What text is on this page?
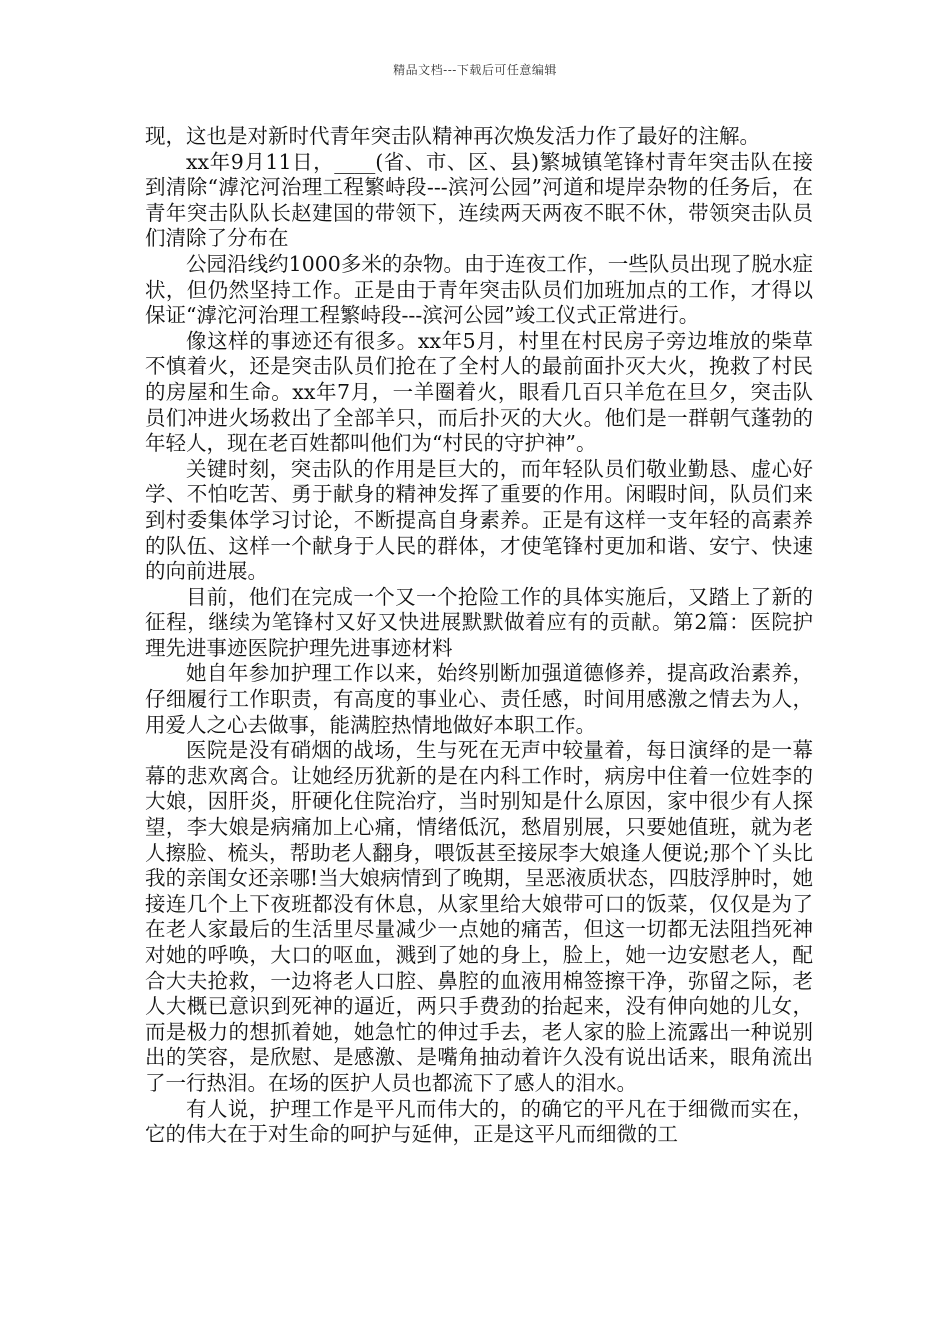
精品文档---下载后可任意编辑

现，这也是对新时代青年突击队精神再次焕发活力作了最好的注解。

xx年9月11日，____(省、市、区、县)繁城镇笔锋村青年突击队在接到清除“滹沱河治理工程繁峙段---滨河公园”河道和堤岸杂物的任务后，在青年突击队队长赵建国的带领下，连续两天两夜不眠不休，带领突击队员们清除了分布在

公园沿线约1000多米的杂物。由于连夜工作，一些队员出现了脱水症状，但仍然坚持工作。正是由于青年突击队员们加班加点的工作，才得以保证“滹沱河治理工程繁峙段---滨河公园”竣工仪式正常进行。

像这样的事迹还有很多。xx年5月，村里在村民房子旁边堆放的柴草不慎着火，还是突击队员们抢在了全村人的最前面扑灭大火，挽救了村民的房屋和生命。xx年7月，一羊圈着火，眼看几百只羊危在旦夕，突击队员们冲进火场救出了全部羊只，而后扑灭的大火。他们是一群朝气蓬勃的年轻人，现在老百姓都叫他们为“村民的守护神”。

关键时刻，突击队的作用是巨大的，而年轻队员们敬业勤恳、虚心好学、不怕吃苦、勇于献身的精神发挥了重要的作用。闲暇时间，队员们来到村委集体学习讨论，不断提高自身素养。正是有这样一支年轻的高素养的队伍、这样一个献身于人民的群体，才使笔锋村更加和谐、安宁、快速的向前进展。

目前，他们在完成一个又一个抢险工作的具体实施后，又踏上了新的征程，继续为笔锋村又好又快进展默默做着应有的贡献。第2篇：医院护理先进事迹医院护理先进事迹材料

她自年参加护理工作以来，始终别断加强道德修养，提高政治素养，仔细履行工作职责，有高度的事业心、责任感，时间用感激之情去为人，用爱人之心去做事，能满腔热情地做好本职工作。

医院是没有硝烟的战场，生与死在无声中较量着，每日演绎的是一幕幕的悲欢离合。让她经历犹新的是在内科工作时，病房中住着一位姓李的大娘，因肝炎，肝硬化住院治疗，当时别知是什么原因，家中很少有人探望，李大娘是病痛加上心痛，情绪低沉，愁眉别展，只要她值班，就为老人擦脸、梳头，帮助老人翻身，喂饭甚至接尿李大娘逢人便说;那个丫头比我的亲闺女还亲哪!当大娘病情到了晚期，呈恶液质状态，四肢浮肿时，她接连几个上下夜班都没有休息，从家里给大娘带可口的饭菜，仅仅是为了在老人家最后的生活里尽量减少一点她的痛苦，但这一切都无法阻挡死神对她的呼唤，大口的呕血，溅到了她的身上，脸上，她一边安慰老人，配合大夫抢救，一边将老人口腔、鼻腔的血液用棉签擦干净，弥留之际，老人大概已意识到死神的逼近，两只手费劲的抬起来，没有伸向她的儿女，而是极力的想抓着她，她急忙的伸过手去，老人家的脸上流露出一种说别出的笑容，是欣慰、是感激、是嘴角抽动着许久没有说出话来，眼角流出了一行热泪。在场的医护人员也都流下了感人的泪水。

有人说，护理工作是平凡而伟大的，的确它的平凡在于细微而实在，它的伟大在于对生命的呵护与延伸，正是这平凡而细微的工
